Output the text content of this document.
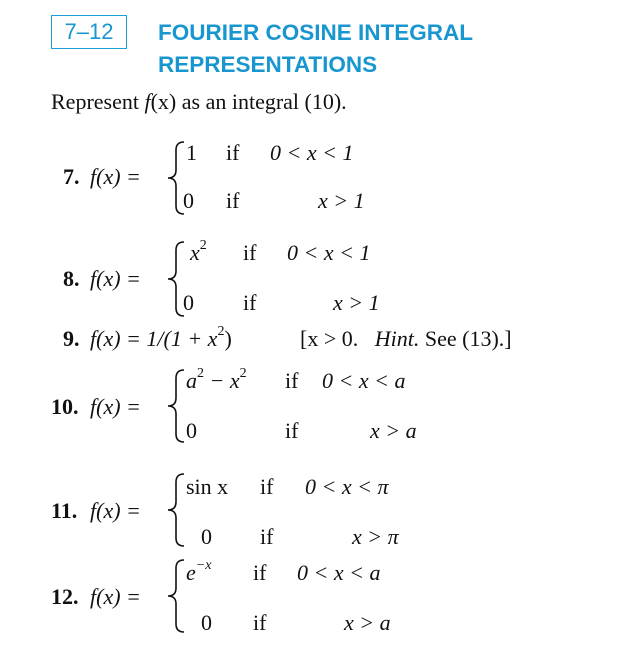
7–12	FOURIER COSINE INTEGRAL
REPRESENTATIONS
Represent f(x) as an integral (10).
7. f(x) =
1 if 0 < x < 1
0 if	x > 1
8. f(x) =
$x^2$ if 0 < x < 1
0 if	x > 1
9. $f(x) = 1/(1 + x^2)$	[x > 0. Hint. See (13).]
10. f(x) =
$a^2 - x^2$ if 0 < x < a
0	if	x > a
11. f(x) =
sin x if 0 < x < π
0 if	x > π
12. f(x) =
$e^{-x}$ if 0 < x < a
0 if	x > a
